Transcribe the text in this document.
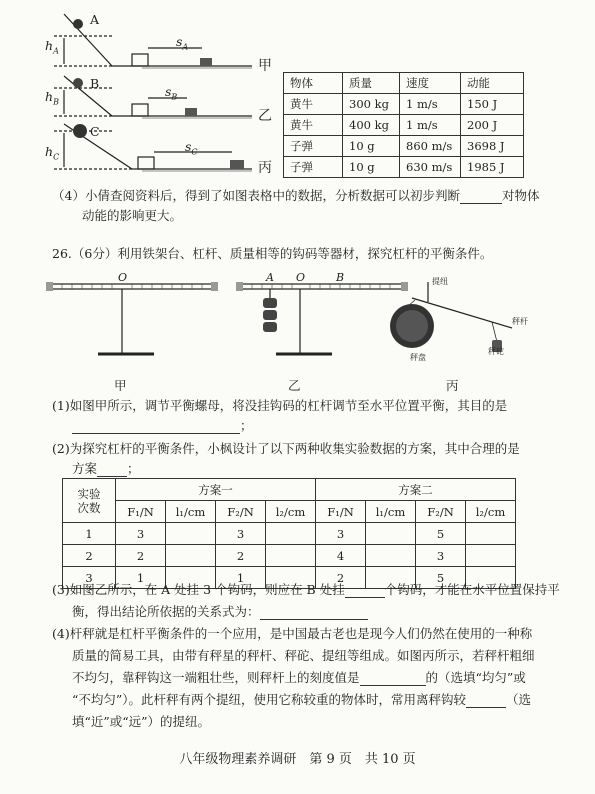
A
B
C
$h_A$
$h_B$
$h_C$
$s_A$
$s_B$
$s_C$
甲
乙
丙
物体	质量	速度	动能
黄牛	300 kg	1 m/s	150 J
黄牛	400 kg	1 m/s	200 J
子弹	10 g	860 m/s	3698 J
子弹	10 g	630 m/s	1985 J
（4）小倩查阅资料后，得到了如图表格中的数据，分析数据可以初步判断	对物体
动能的影响更大。
26.（6分）利用铁架台、杠杆、质量相等的钩码等器材，探究杠杆的平衡条件。
O	A O	B	提纽
秤杆
秤盘
秤砣
甲	乙	丙
(1)如图甲所示，调节平衡螺母，将没挂钩码的杠杆调节至水平位置平衡，其目的是
；
(2)为探究杠杆的平衡条件，小枫设计了以下两种收集实验数据的方案，其中合理的是
方案 ；
实验
次数	方案一				方案二			
	F₁/N	l₁/cm	F₂/N	l₂/cm	F₁/N	l₁/cm	F₂/N	l₂/cm
1	3		3		3		5	
2	2		2		4		3	
3	1		1		2		5	
(3)如图乙所示，在 A 处挂 3 个钩码，则应在 B 处挂	个钩码，才能在水平位置保持平
衡，得出结论所依据的关系式为：
(4)杆秤就是杠杆平衡条件的一个应用，是中国最古老也是现今人们仍然在使用的一种称
质量的简易工具，由带有秤星的秤杆、秤砣、提纽等组成。如图丙所示，若秤杆粗细
不均匀，靠秤钩这一端粗壮些，则秤杆上的刻度值是	的（选填“均匀”或
“不均匀”）。此杆秤有两个提纽，使用它称较重的物体时，常用离秤钩较	（选
填“近”或“远”）的提纽。
八年级物理素养调研　第 9 页　共 10 页
